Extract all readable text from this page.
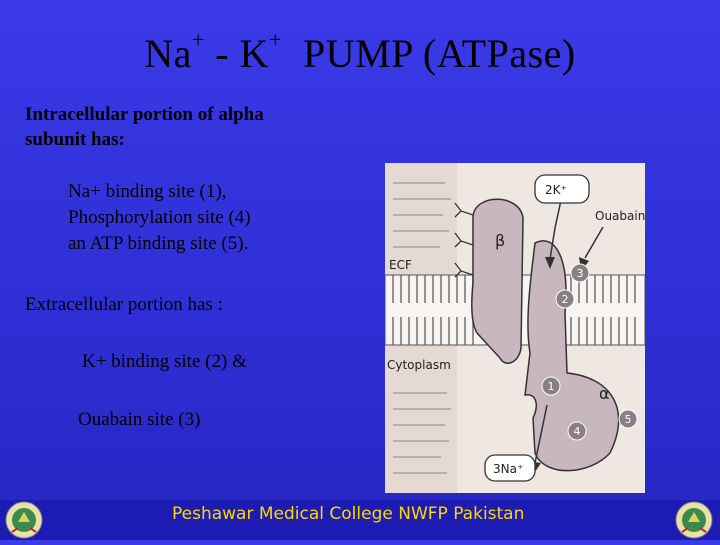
Na+ - K+  PUMP (ATPase)
Intracellular portion of alpha
subunit has:
Na+ binding site (1),
Phosphorylation site (4)
an ATP binding site (5).
Extracellular portion has :
K+ binding site (2) &
Ouabain site (3)
2K⁺
Ouabain
ECF
β
Cytoplasm
α
3Na⁺
1
2
3
4
5
Peshawar Medical College NWFP Pakistan
